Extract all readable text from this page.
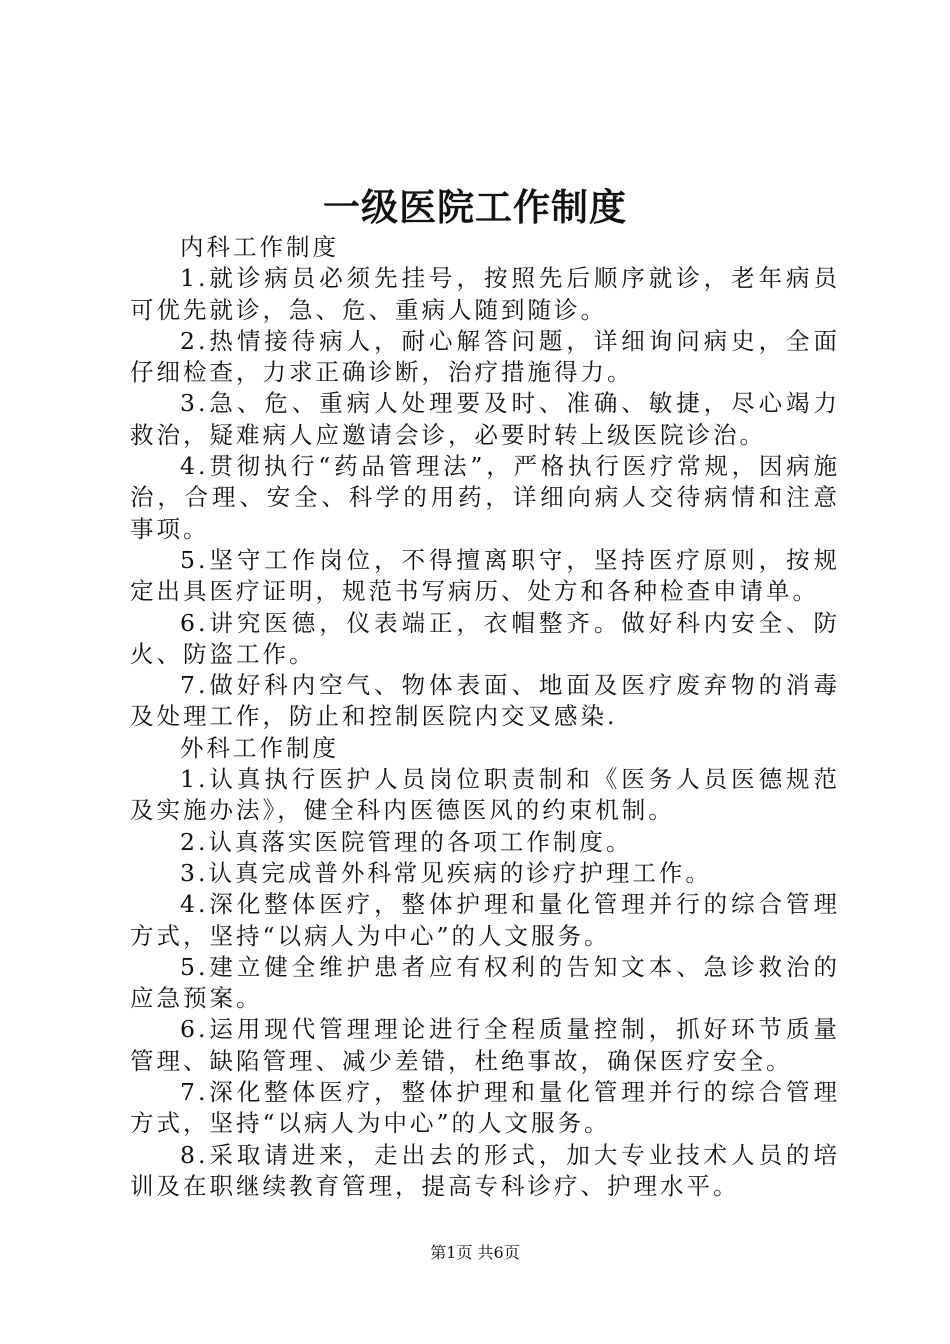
一级医院工作制度

内科工作制度

1.就诊病员必须先挂号，按照先后顺序就诊，老年病员可优先就诊，急、危、重病人随到随诊。

2.热情接待病人，耐心解答问题，详细询问病史，全面仔细检查，力求正确诊断，治疗措施得力。

3.急、危、重病人处理要及时、准确、敏捷，尽心竭力救治，疑难病人应邀请会诊，必要时转上级医院诊治。

4.贯彻执行“药品管理法”，严格执行医疗常规，因病施治，合理、安全、科学的用药，详细向病人交待病情和注意事项。

5.坚守工作岗位，不得擅离职守，坚持医疗原则，按规定出具医疗证明，规范书写病历、处方和各种检查申请单。

6.讲究医德，仪表端正，衣帽整齐。做好科内安全、防火、防盗工作。

7.做好科内空气、物体表面、地面及医疗废弃物的消毒及处理工作，防止和控制医院内交叉感染.

外科工作制度

1.认真执行医护人员岗位职责制和《医务人员医德规范及实施办法》，健全科内医德医风的约束机制。

2.认真落实医院管理的各项工作制度。

3.认真完成普外科常见疾病的诊疗护理工作。

4.深化整体医疗，整体护理和量化管理并行的综合管理方式，坚持“以病人为中心”的人文服务。

5.建立健全维护患者应有权利的告知文本、急诊救治的应急预案。

6.运用现代管理理论进行全程质量控制，抓好环节质量管理、缺陷管理、减少差错，杜绝事故，确保医疗安全。

7.深化整体医疗，整体护理和量化管理并行的综合管理方式，坚持“以病人为中心”的人文服务。

8.采取请进来，走出去的形式，加大专业技术人员的培训及在职继续教育管理，提高专科诊疗、护理水平。

第1页 共6页
